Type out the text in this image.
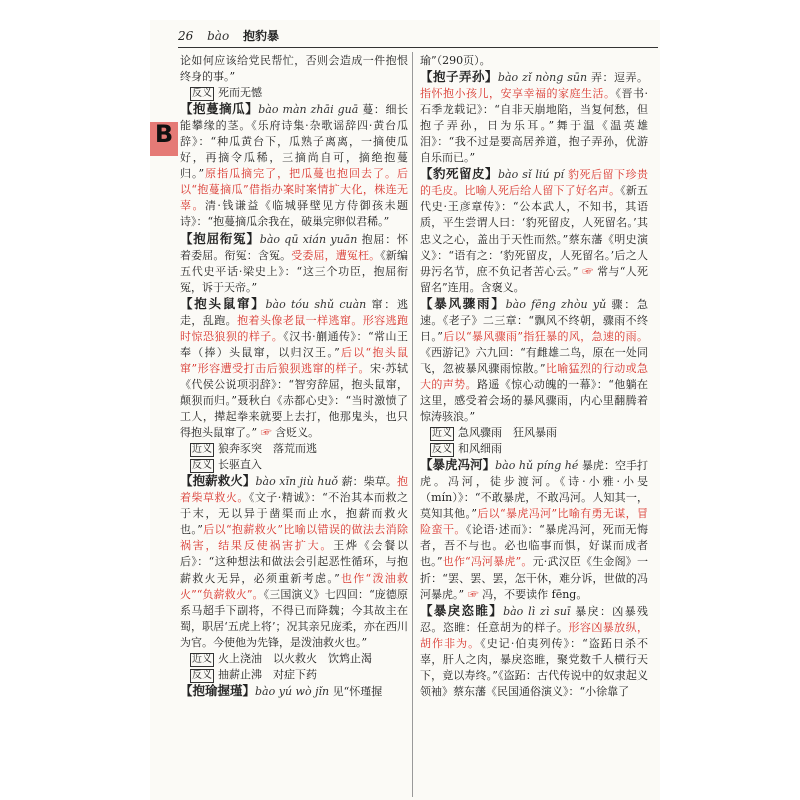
26 bào 抱豹暴
B

论如何应该给党民帮忙，否则会造成一件抱恨终身的事。”

反义 死而无憾

【抱蔓摘瓜】bào màn zhāi guā 蔓：细长能攀缘的茎。《乐府诗集·杂歌谣辞四·黄台瓜辞》：“种瓜黄台下，瓜熟子离离，一摘使瓜好，再摘令瓜稀，三摘尚自可，摘绝抱蔓归。”原指瓜摘完了，把瓜蔓也抱回去了。后以“抱蔓摘瓜”借指办案时案情扩大化，株连无辜。清·钱谦益《临城驿壁见方侍御孩未题诗》：“抱蔓摘瓜余我在，破巢完卵似君稀。”

【抱屈衔冤】bào qū xián yuān 抱屈：怀着委屈。衔冤：含冤。受委屈，遭冤枉。《新编五代史平话·梁史上》：“这三个功臣，抱屈衔冤，诉于天帝。”

【抱头鼠窜】bào tóu shǔ cuàn 窜：逃走，乱跑。抱着头像老鼠一样逃窜。形容逃跑时惊恐狼狈的样子。《汉书·蒯通传》：“常山王奉（捧）头鼠窜，以归汉王。”后以“抱头鼠窜”形容遭受打击后狼狈逃窜的样子。宋·苏轼《代侯公说项羽辞》：“智穷辞屈，抱头鼠窜，颠狈而归。”聂秋白《赤都心史》：“当时激愤了工人，撵起拳来就要上去打，他那鬼头，也只得抱头鼠窜了。” ☞ 含贬义。

近义 狼奔豕突　落荒而逃

反义 长驱直入

【抱薪救火】bào xīn jiù huǒ 薪：柴草。抱着柴草救火。《文子·精诚》：“不治其本而救之于末，无以异于凿渠而止水，抱薪而救火也。”后以“抱薪救火”比喻以错误的做法去消除祸害，结果反使祸害扩大。王烨《会餐以后》：“这种想法和做法会引起恶性循环，与抱薪救火无异，必须重新考虑。”也作“泼油救火”“负薪救火”。《三国演义》七四回：“庞德原系马超手下副将，不得已而降魏；今其故主在蜀，职居‘五虎上将’；况其亲兄庞柔，亦在西川为官。今使他为先锋，是泼油救火也。”

近义 火上浇油　以火救火　饮鸩止渴

反义 抽薪止沸　对症下药

【抱瑜握瑾】bào yú wò jǐn 见“怀瑾握

瑜”（290页）。

【抱子弄孙】bào zǐ nòng sūn 弄：逗弄。指怀抱小孩儿，安享幸福的家庭生活。《晋书·石季龙载记》：“自非天崩地陷，当复何愁，但抱子弄孙，日为乐耳。”舞于温《温英雄泪》：“我不过是要高居养道，抱子弄孙，优游自乐而已。”

【豹死留皮】bào sǐ liú pí 豹死后留下珍贵的毛皮。比喻人死后给人留下了好名声。《新五代史·王彦章传》：“公本武人，不知书，其语质，平生尝谓人曰：‘豹死留皮，人死留名。’其忠义之心，盖出于天性而然。”蔡东藩《明史演义》：“语有之：‘豹死留皮，人死留名。’后之人毋污名节，庶不负记者苦心云。” ☞ 常与“人死留名”连用。含褒义。

【暴风骤雨】bào fēng zhòu yǔ 骤：急速。《老子》二三章：“飘风不终朝，骤雨不终日。”后以“暴风骤雨”指狂暴的风，急速的雨。《西游记》六九回：“有雌雄二鸟，原在一处同飞，忽被暴风骤雨惊散。”比喻猛烈的行动或急大的声势。路遥《惊心动魄的一幕》：“他躺在这里，感受着会场的暴风骤雨，内心里翻腾着惊涛骇浪。”

近义 急风骤雨　狂风暴雨

反义 和风细雨

【暴虎冯河】bào hǔ píng hé 暴虎：空手打虎。冯河，徒步渡河。《诗·小雅·小旻（mín）》：“不敢暴虎，不敢冯河。人知其一，莫知其他。”后以“暴虎冯河”比喻有勇无谋，冒险蛮干。《论语·述而》：“暴虎冯河，死而无悔者，吾不与也。必也临事而惧，好谋而成者也。”也作“冯河暴虎”。元·武汉臣《生金阁》一折：“罢、罢、罢，怎干休，难分诉，世做的冯河暴虎。” ☞ 冯，不要读作 fēng。

【暴戾恣睢】bào lì zì suī 暴戾：凶暴残忍。恣睢：任意胡为的样子。形容凶暴放纵，胡作非为。《史记·伯夷列传》：“盗跖日杀不辜，肝人之肉，暴戾恣睢，聚党数千人横行天下，竟以寿终。”《盗跖：古代传说中的奴隶起义领袖》蔡东藩《民国通俗演义》：“小徐靠了
